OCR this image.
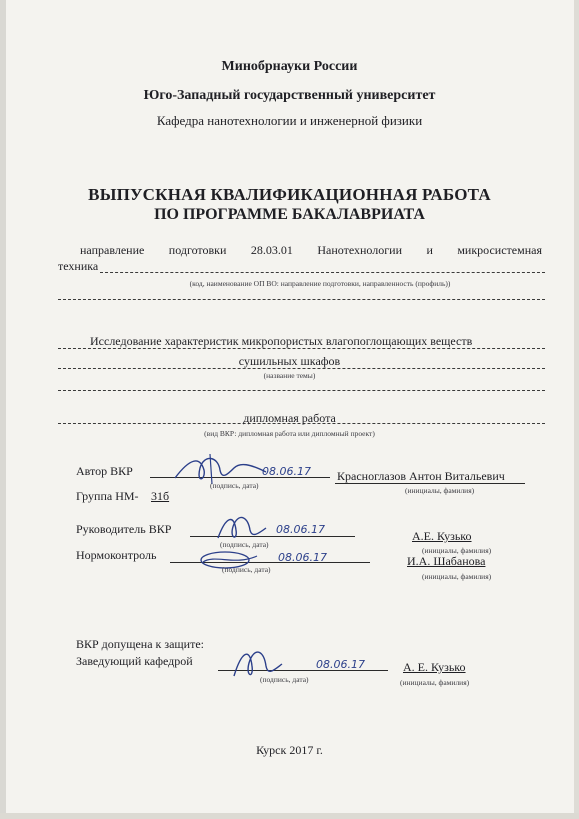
Минобрнауки России
Юго-Западный государственный университет
Кафедра нанотехнологии и инженерной физики
ВЫПУСКНАЯ КВАЛИФИКАЦИОННАЯ РАБОТА
ПО ПРОГРАММЕ БАКАЛАВРИАТА
направление подготовки 28.03.01 Нанотехнологии и микросистемная
техника
(код, наименование ОП ВО: направление подготовки, направленность (профиль))
Исследование характеристик микропористых влагопоглощающих веществ
сушильных шкафов
(название темы)
дипломная работа
(вид ВКР: дипломная работа или дипломный проект)
Автор ВКР	08.06.17
(подпись, дата)
Красноглазов Антон Витальевич
(инициалы, фамилия)
Группа НМ- 31б
Руководитель ВКР	08.06.17
(подпись, дата)
А.Е. Кузько
(инициалы, фамилия)
Нормоконтроль	08.06.17
(подпись, дата)
И.А. Шабанова
(инициалы, фамилия)
ВКР допущена к защите:
Заведующий кафедрой	08.06.17
(подпись, дата)
А. Е. Кузько
(инициалы, фамилия)
Курск 2017 г.
